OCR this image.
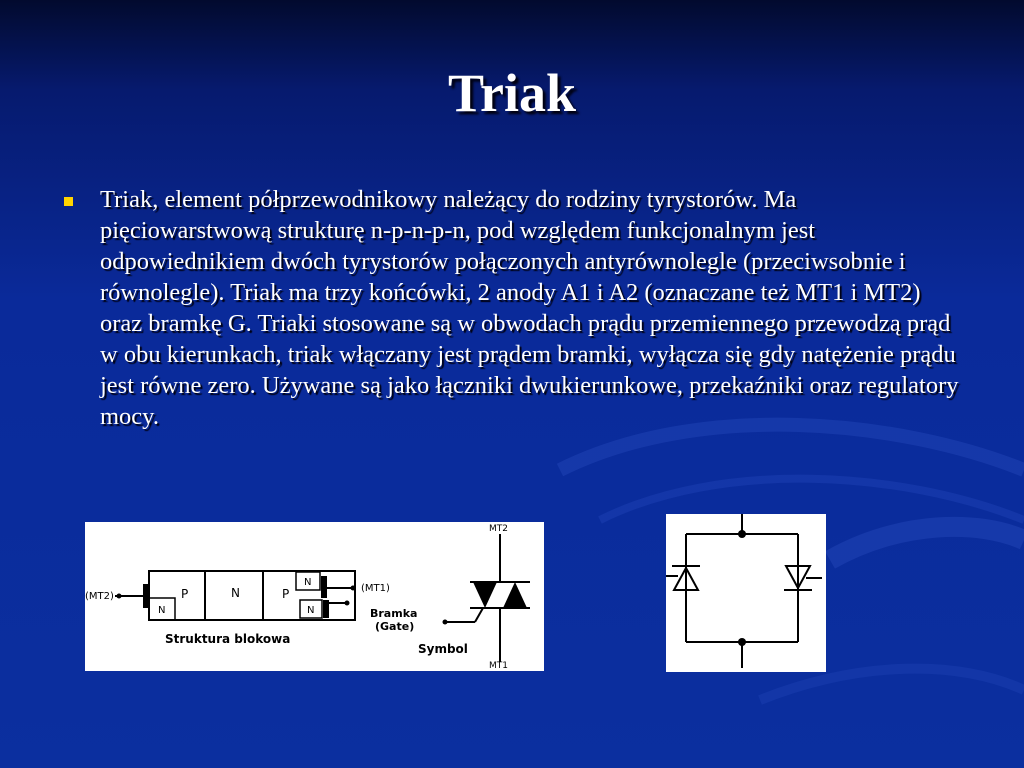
Triak
Triak, element półprzewodnikowy należący do rodziny tyrystorów. Ma pięciowarstwową strukturę n-p-n-p-n, pod względem funkcjonalnym jest odpowiednikiem dwóch tyrystorów połączonych antyrównolegle (przeciwsobnie i równolegle). Triak ma trzy końcówki, 2 anody A1 i A2 (oznaczane też MT1 i MT2) oraz bramkę G. Triaki stosowane są w obwodach prądu przemiennego przewodzą prąd w obu kierunkach, triak włączany jest prądem bramki, wyłącza się gdy natężenie prądu jest równe zero. Używane są jako łączniki dwukierunkowe, przekaźniki oraz regulatory mocy.
(MT2)	P	N	P
N
N
N
(MT1)
Struktura blokowa
MT2
Bramka
(Gate)
Symbol
MT1
